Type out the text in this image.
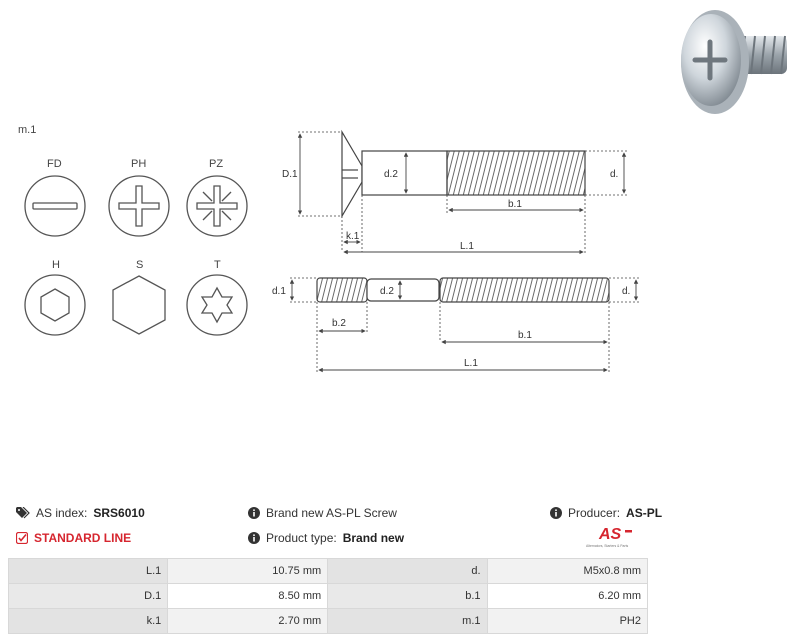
m.1
FD	PH	PZ
H	S	T
D.1	d.2	d.
b.1
k.1
L.1
d.1	d.2	d.
b.2
b.1
L.1
AS index: SRS6010
STANDARD LINE
Brand new AS-PL Screw
Product type: Brand new
Producer: AS-PL
AS
Alternators, Starters & Parts
L.1	10.75 mm	d.	M5x0.8 mm
D.1	8.50 mm	b.1	6.20 mm
k.1	2.70 mm	m.1	PH2
